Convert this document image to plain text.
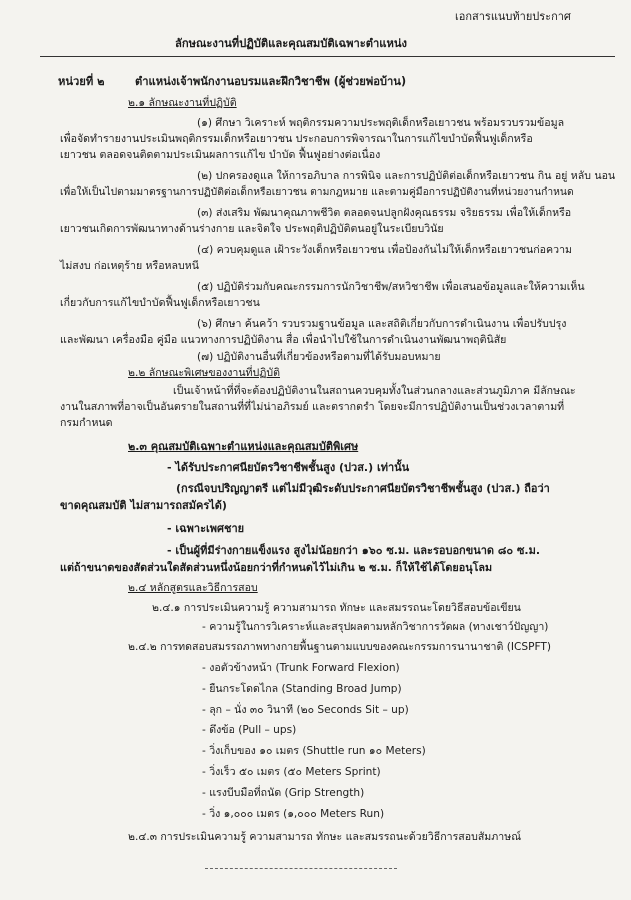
เอกสารแนบท้ายประกาศ
ลักษณะงานที่ปฏิบัติและคุณสมบัติเฉพาะตำแหน่ง
หน่วยที่ ๒	ตำแหน่งเจ้าพนักงานอบรมและฝึกวิชาชีพ (ผู้ช่วยพ่อบ้าน)
๒.๑ ลักษณะงานที่ปฏิบัติ
(๑) ศึกษา วิเคราะห์ พฤติกรรมความประพฤติเด็กหรือเยาวชน พร้อมรวบรวมข้อมูล
เพื่อจัดทำรายงานประเมินพฤติกรรมเด็กหรือเยาวชน ประกอบการพิจารณาในการแก้ไขบำบัดฟื้นฟูเด็กหรือ
เยาวชน ตลอดจนติดตามประเมินผลการแก้ไข บำบัด ฟื้นฟูอย่างต่อเนื่อง
(๒) ปกครองดูแล ให้การอภิบาล การพินิจ และการปฏิบัติต่อเด็กหรือเยาวชน กิน อยู่ หลับ นอน
เพื่อให้เป็นไปตามมาตรฐานการปฏิบัติต่อเด็กหรือเยาวชน ตามกฎหมาย และตามคู่มือการปฏิบัติงานที่หน่วยงานกำหนด
(๓) ส่งเสริม พัฒนาคุณภาพชีวิต ตลอดจนปลูกฝังคุณธรรม จริยธรรม เพื่อให้เด็กหรือ
เยาวชนเกิดการพัฒนาทางด้านร่างกาย และจิตใจ ประพฤติปฏิบัติตนอยู่ในระเบียบวินัย
(๔) ควบคุมดูแล เฝ้าระวังเด็กหรือเยาวชน เพื่อป้องกันไม่ให้เด็กหรือเยาวชนก่อความ
ไม่สงบ ก่อเหตุร้าย หรือหลบหนี
(๕) ปฏิบัติร่วมกับคณะกรรมการนักวิชาชีพ/สหวิชาชีพ เพื่อเสนอข้อมูลและให้ความเห็น
เกี่ยวกับการแก้ไขบำบัดฟื้นฟูเด็กหรือเยาวชน
(๖) ศึกษา ค้นคว้า รวบรวมฐานข้อมูล และสถิติเกี่ยวกับการดำเนินงาน เพื่อปรับปรุง
และพัฒนา เครื่องมือ คู่มือ แนวทางการปฏิบัติงาน สื่อ เพื่อนำไปใช้ในการดำเนินงานพัฒนาพฤตินิสัย
(๗) ปฏิบัติงานอื่นที่เกี่ยวข้องหรือตามที่ได้รับมอบหมาย
๒.๒ ลักษณะพิเศษของงานที่ปฏิบัติ
เป็นเจ้าหน้าที่ที่จะต้องปฏิบัติงานในสถานควบคุมทั้งในส่วนกลางและส่วนภูมิภาค มีลักษณะ
งานในสภาพที่อาจเป็นอันตรายในสถานที่ที่ไม่น่าอภิรมย์ และตรากตรำ โดยจะมีการปฏิบัติงานเป็นช่วงเวลาตามที่
กรมกำหนด
๒.๓ คุณสมบัติเฉพาะตำแหน่งและคุณสมบัติพิเศษ
- ได้รับประกาศนียบัตรวิชาชีพชั้นสูง (ปวส.) เท่านั้น
(กรณีจบปริญญาตรี แต่ไม่มีวุฒิระดับประกาศนียบัตรวิชาชีพชั้นสูง (ปวส.) ถือว่า
ขาดคุณสมบัติ ไม่สามารถสมัครได้)
- เฉพาะเพศชาย
- เป็นผู้ที่มีร่างกายแข็งแรง สูงไม่น้อยกว่า ๑๖๐ ซ.ม. และรอบอกขนาด ๘๐ ซ.ม.
แต่ถ้าขนาดของสัดส่วนใดสัดส่วนหนึ่งน้อยกว่าที่กำหนดไว้ไม่เกิน ๒ ซ.ม. ก็ให้ใช้ได้โดยอนุโลม
๒.๔ หลักสูตรและวิธีการสอบ
๒.๔.๑ การประเมินความรู้ ความสามารถ ทักษะ และสมรรถนะโดยวิธีสอบข้อเขียน
- ความรู้ในการวิเคราะห์และสรุปผลตามหลักวิชาการวัดผล (ทางเชาว์ปัญญา)
๒.๔.๒ การทดสอบสมรรถภาพทางกายพื้นฐานตามแบบของคณะกรรมการนานาชาติ (ICSPFT)
- งอตัวข้างหน้า (Trunk Forward Flexion)
- ยืนกระโดดไกล (Standing Broad Jump)
- ลุก – นั่ง ๓๐ วินาที (๒๐ Seconds Sit – up)
- ดึงข้อ (Pull – ups)
- วิ่งเก็บของ ๑๐ เมตร (Shuttle run ๑๐ Meters)
- วิ่งเร็ว ๕๐ เมตร (๕๐ Meters Sprint)
- แรงบีบมือที่ถนัด (Grip Strength)
- วิ่ง ๑,๐๐๐ เมตร (๑,๐๐๐ Meters Run)
๒.๔.๓ การประเมินความรู้ ความสามารถ ทักษะ และสมรรถนะด้วยวิธีการสอบสัมภาษณ์
